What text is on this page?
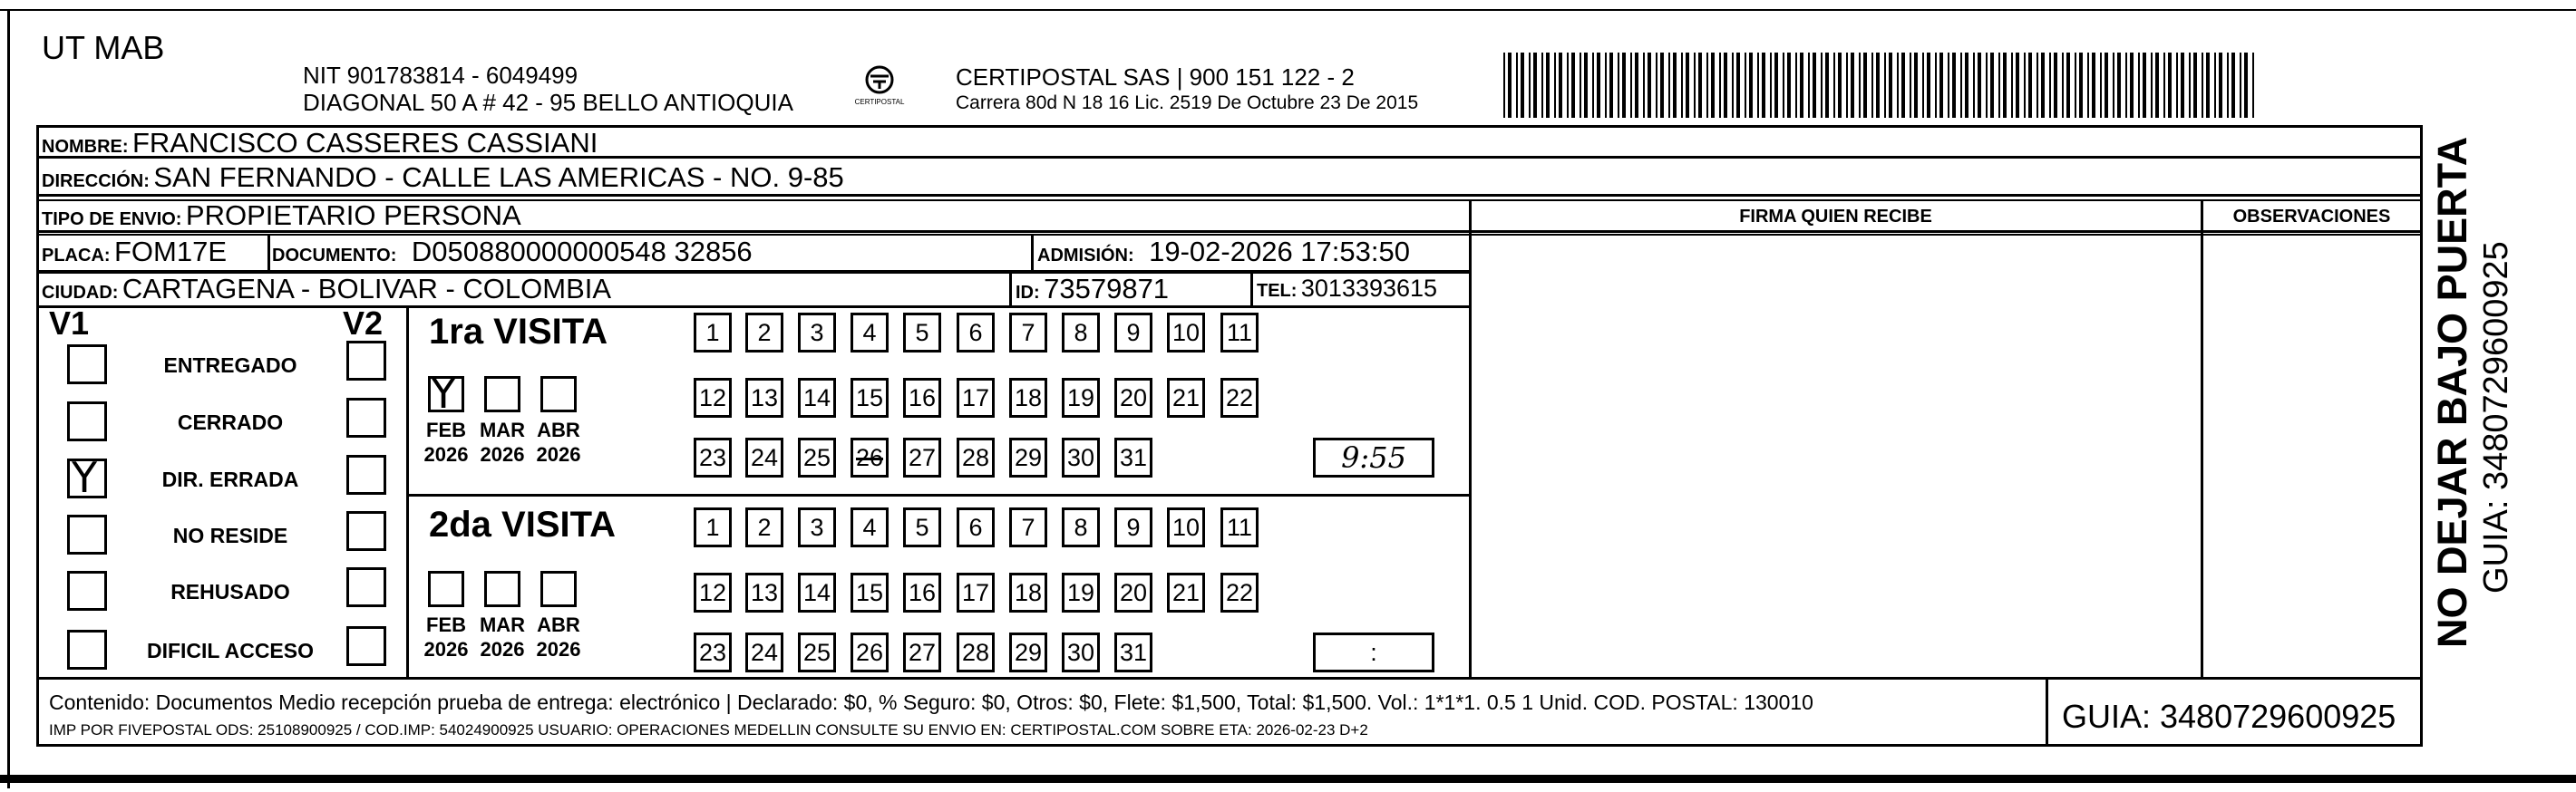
UT MAB
NIT 901783814 - 6049499
DIAGONAL 50 A # 42 - 95 BELLO ANTIOQUIA	CERTIPOSTAL
CERTIPOSTAL SAS | 900 151 122 - 2
Carrera 80d N 18 16 Lic. 2519 De Octubre 23 De 2015
NOMBRE: FRANCISCO CASSERES CASSIANI
DIRECCIÓN: SAN FERNANDO - CALLE LAS AMERICAS - NO. 9-85
TIPO DE ENVIO: PROPIETARIO PERSONA	FIRMA QUIEN RECIBE	OBSERVACIONES
PLACA: FOM17E DOCUMENTO: D050880000000548 32856	ADMISIÓN: 19-02-2026 17:53:50
CIUDAD: CARTAGENA - BOLIVAR - COLOMBIA	ID: 73579871	TEL: 3013393615
V1	V2
ENTREGADO
CERRADO
Y	DIR. ERRADA
NO RESIDE
REHUSADO
DIFICIL ACCESO
1ra VISITA
2da VISITA
Y
FEB
2026
MAR
2026
ABR
2026
1	2	3	4	5	6	7	8	9	10 11
12 13 14 15 16 17 18 19 20 21 22
23 24 25 26 27 28 29 30 31	9:55
FEB
2026
MAR
2026
ABR
2026
1	2	3	4	5	6	7	8	9	10 11
12 13 14 15 16 17 18 19 20 21 22
23 24 25 26 27 28 29 30 31	:
Contenido: Documentos Medio recepción prueba de entrega: electrónico | Declarado: $0, % Seguro: $0, Otros: $0, Flete: $1,500, Total: $1,500. Vol.: 1*1*1. 0.5 1 Unid. COD. POSTAL: 130010
IMP POR FIVEPOSTAL ODS: 25108900925 / COD.IMP: 54024900925 USUARIO: OPERACIONES MEDELLIN CONSULTE SU ENVIO EN: CERTIPOSTAL.COM SOBRE ETA: 2026-02-23 D+2	GUIA: 3480729600925
NO DEJAR BAJO PUERTA GUIA: 3480729600925
